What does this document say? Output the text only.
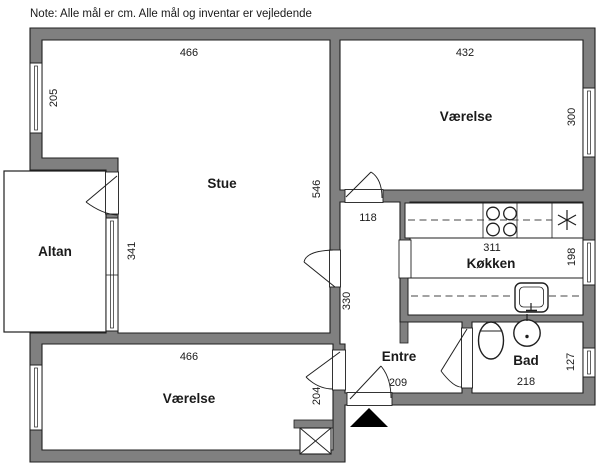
Note: Alle mål er cm. Alle mål og inventar er vejledende
Stue
Værelse
Altan
Køkken
Entre	Bad
Værelse
466	432
118
311
209	218
466
205
300
546
341	198
330
127
204
